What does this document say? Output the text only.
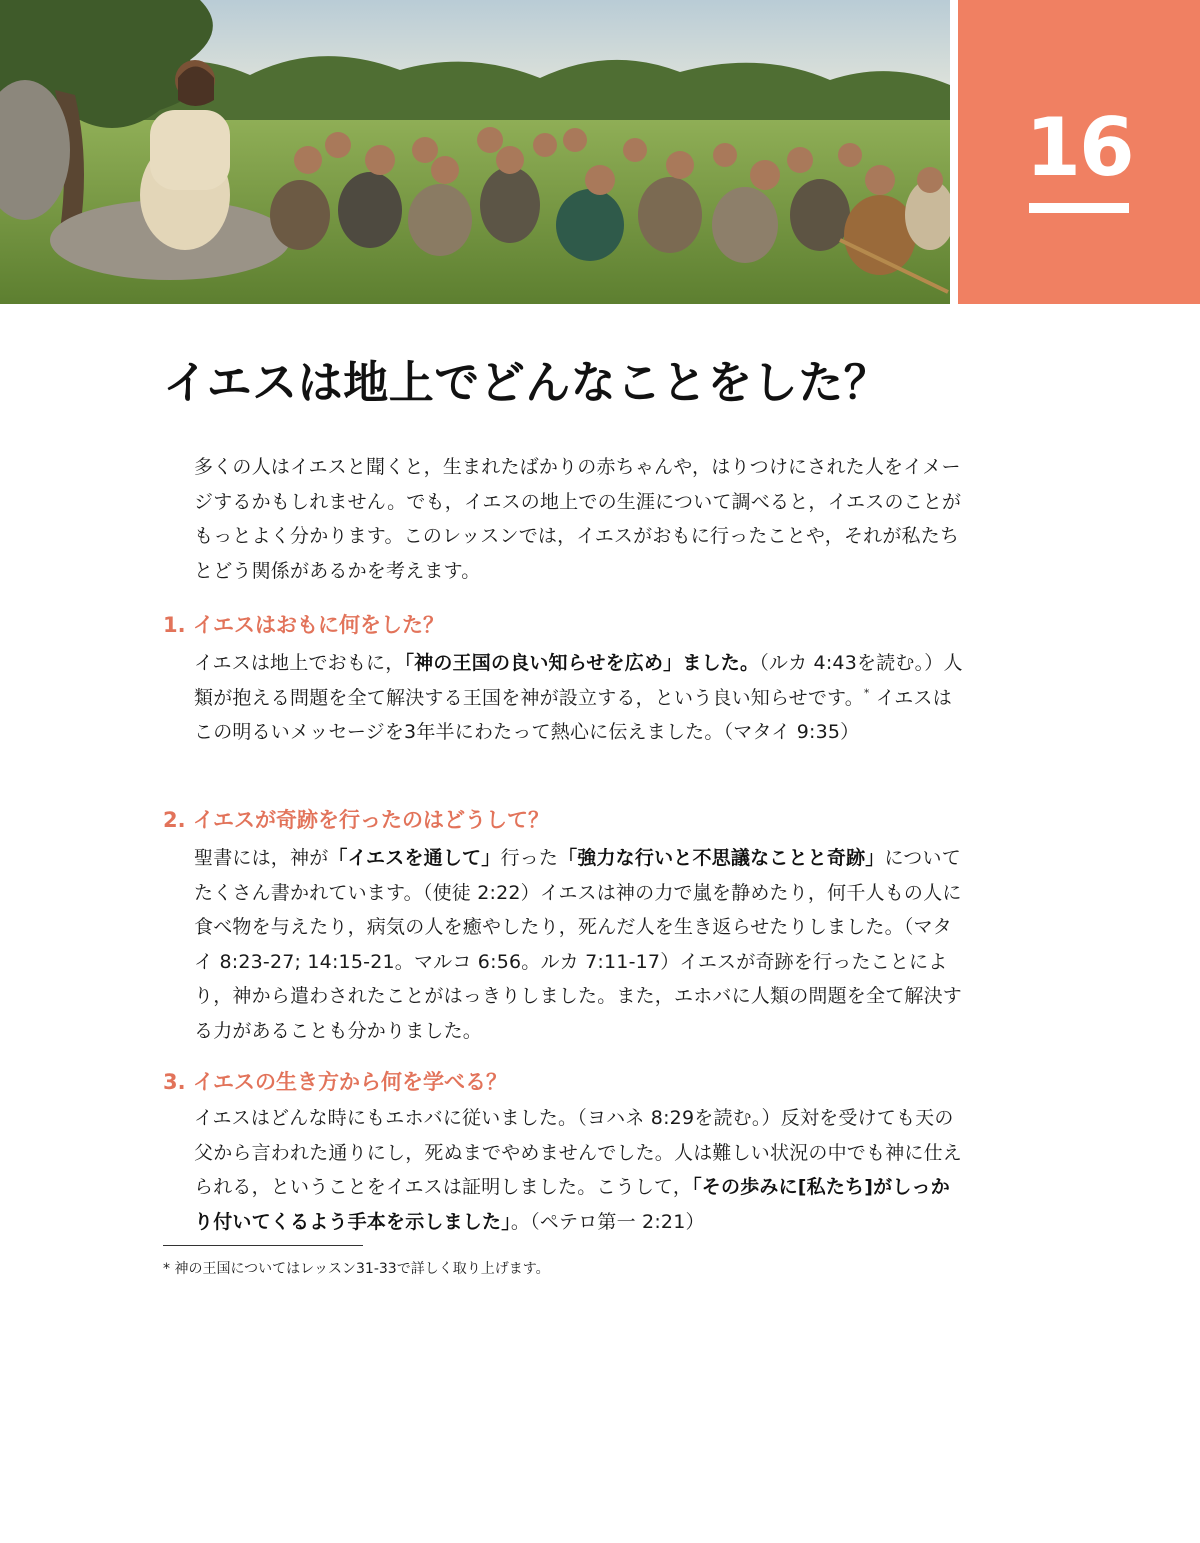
16
イエスは地上でどんなことをした？

多くの人はイエスと聞くと，生まれたばかりの赤ちゃんや，はりつけにされた人をイメージするかもしれません。でも，イエスの地上での生涯について調べると，イエスのことがもっとよく分かります。このレッスンでは，イエスがおもに行ったことや，それが私たちとどう関係があるかを考えます。

1. イエスはおもに何をした？

イエスは地上でおもに，「神の王国の良い知らせを広め」ました。（ルカ 4:43を読む。）人類が抱える問題を全て解決する王国を神が設立する，という良い知らせです。* イエスはこの明るいメッセージを3年半にわたって熱心に伝えました。（マタイ 9:35）

2. イエスが奇跡を行ったのはどうして？

聖書には，神が「イエスを通して」行った「強力な行いと不思議なことと奇跡」についてたくさん書かれています。（使徒 2:22）イエスは神の力で嵐を静めたり，何千人もの人に食べ物を与えたり，病気の人を癒やしたり，死んだ人を生き返らせたりしました。（マタイ 8:23-27; 14:15-21。マルコ 6:56。ルカ 7:11-17）イエスが奇跡を行ったことにより，神から遣わされたことがはっきりしました。また，エホバに人類の問題を全て解決する力があることも分かりました。

3. イエスの生き方から何を学べる？

イエスはどんな時にもエホバに従いました。（ヨハネ 8:29を読む。）反対を受けても天の父から言われた通りにし，死ぬまでやめませんでした。人は難しい状況の中でも神に仕えられる，ということをイエスは証明しました。こうして，「その歩みに[私たち]がしっかり付いてくるよう手本を示しました」。（ペテロ第一 2:21）

* 神の王国についてはレッスン31-33で詳しく取り上げます。
